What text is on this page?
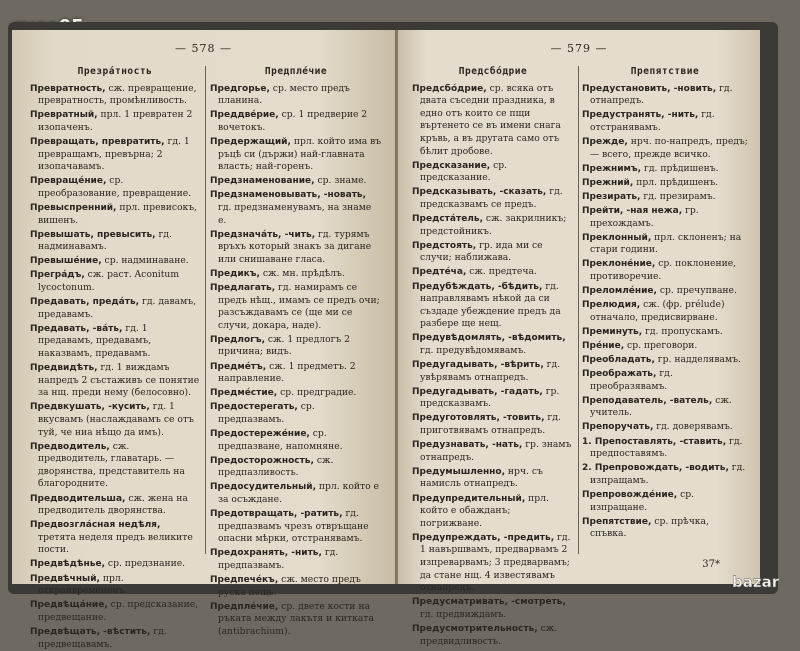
— 578 —
Презрáтность
Превратность, сж. превращение, превратность, промѣнливость.
Превратный, прл. 1 превратен 2 изопаченъ.
Превращать, превратить, гд. 1 превращамъ, превърна; 2 изопачавамъ.
Превращéние, ср. преобразование, превращение.
Превыспренний, прл. превисокъ, вишенъ.
Превышать, превысить, гд. надминавамъ.
Превышéние, ср. надминаване.
Прегрáдъ, сж. раст. Aconitum lycoctonum.
Предавать, предáть, гд. давамъ, предавамъ.
Предавать, -вáть, гд. 1 предавамъ, предавамъ, наказвамъ, предавамъ.
Предвидѣть, гд. 1 виждамъ напредъ 2 състаживъ се понятие за нщ. преди нему (белосовно).
Предвкушать, -кусить, гд. 1 вкусвамъ (наслаждавамъ се отъ туй, че ниа нѣщо да имъ).
Предводитель, сж. предводитель, главатарь. — дворянства, представитель на благородните.
Предводительша, сж. жена на предводитель дворянства.
Предвозглáсная недѣля, третята неделя предъ великите пости.
Предвѣдѣнье, ср. предзнание.
Предвѣчный, прл. откраѝвремененъ.
Предвѣщáние, ср. предсказание, предвещание.
Предвѣщать, -вѣстить, гд. предвещавамъ.
Предплéчие
Предгорье, ср. место предъ планина.
Преддвéрие, ср. 1 предверие 2 вочетокъ.
Предержащий, прл. който има въ ръцѣ си (държи) най-главната власть; най-горенъ.
Предзнаменование, ср. знаме.
Предзнаменовывать, -новать, гд. предзнаменувамъ, на знаме е.
Предзначáть, -чить, гд. турямъ връхъ который знакъ за дигане или снишаване гласа.
Предикъ, сж. мн. прѣдѣлъ.
Предлагать, гд. намирамъ се предъ нѣщ., имамъ се предъ очи; разсъждавамъ се (ще ми се случи, докара, наде).
Предлогъ, сж. 1 предлогъ 2 причина; видъ.
Предмéтъ, сж. 1 предметъ. 2 направление.
Предмéстие, ср. предградие.
Предостерегать, ср. предпазвамъ.
Предостережéние, ср. предпазване, напомняне.
Предосторожность, сж. предпазливость.
Предосудительный, прл. който е за осъждане.
Предотвращать, -ратить, гд. предпазвамъ чрезъ отвръщане опасни мѣрки, отстранявамъ.
Предохранять, -нить, гд. предпазвамъ.
Предпечéкъ, сж. место предъ руска пещь.
Предплéчие, ср. двете кости на ръката между лакътя и китката (antibrachium).
— 579 —
Предсбóдрие
Предсбóдрие, ср. всяка отъ двата съседни праздника, в едно отъ които се пщи въртенето се въ имени снага кръвь, а въ другата само отъ бѣлит дробове.
Предсказание, ср. предсказание.
Предсказывать, -сказать, гд. предсказвамъ се предъ.
Предстáтель, сж. закрилникъ; предстойникъ.
Предстоять, гр. ида ми се случи; наближава.
Предтéча, сж. предтеча.
Предубѣждать, -бѣдить, гд. направлявамъ нѣкой да си създаде убеждение предъ да разбере ще нещ.
Предувѣдомлять, -вѣдомить, гд. предувѣдомявамъ.
Предугадывать, -вѣрить, гд. увѣрявамъ отнапредъ.
Предугадывать, -гадать, гр. предсказвамъ.
Предуготовлять, -товить, гд. приготвявамъ отнапредъ.
Предузнавать, -нать, гр. знамъ отнапредъ.
Предумышленно, нрч. съ намисль отнапредъ.
Предупредительный, прл. който е обажданъ; погрижване.
Предупреждать, -предить, гд. 1 навършвамъ, предварвамъ 2 изпреварвамъ; 3 предварвамъ; да стане нщ. 4 известявамъ отнапредъ.
Предусматривать, -смотреть, гд. предвиждамъ.
Предусмотрительность, сж. предвидливость.
Препятствие
Предустановить, -новить, гд. отнапредъ.
Предустранять, -нить, гд. отстранявамъ.
Прежде, нрч. по-напредъ, предъ; — всего, прежде всичко.
Прежнимъ, гд. прѣдишенъ.
Прежний, прл. прѣдишенъ.
Презирать, гд. презирамъ.
Прейти, -ная нежа, гр. прехождамъ.
Преклонный, прл. склоненъ; на стари години.
Преклонéние, ср. поклонение, противоречие.
Преломлéние, ср. пречупване.
Прелюдия, сж. (фр. prélude) отначало, предисвирване.
Преминуть, гд. пропускамъ.
Прéние, ср. преговори.
Преобладать, гр. надделявамъ.
Преображать, гд. преобразявамъ.
Преподаватель, -ватель, сж. учитель.
Препоручать, гд. доверявамъ.
1. Препоставлять, -ставить, гд. предпоставямъ.
2. Препровождать, -водить, гд. изпращамъ.
Препровождéние, ср. изпращане.
Препятствие, ср. прѣчка, спъвка.
37*
bazar
